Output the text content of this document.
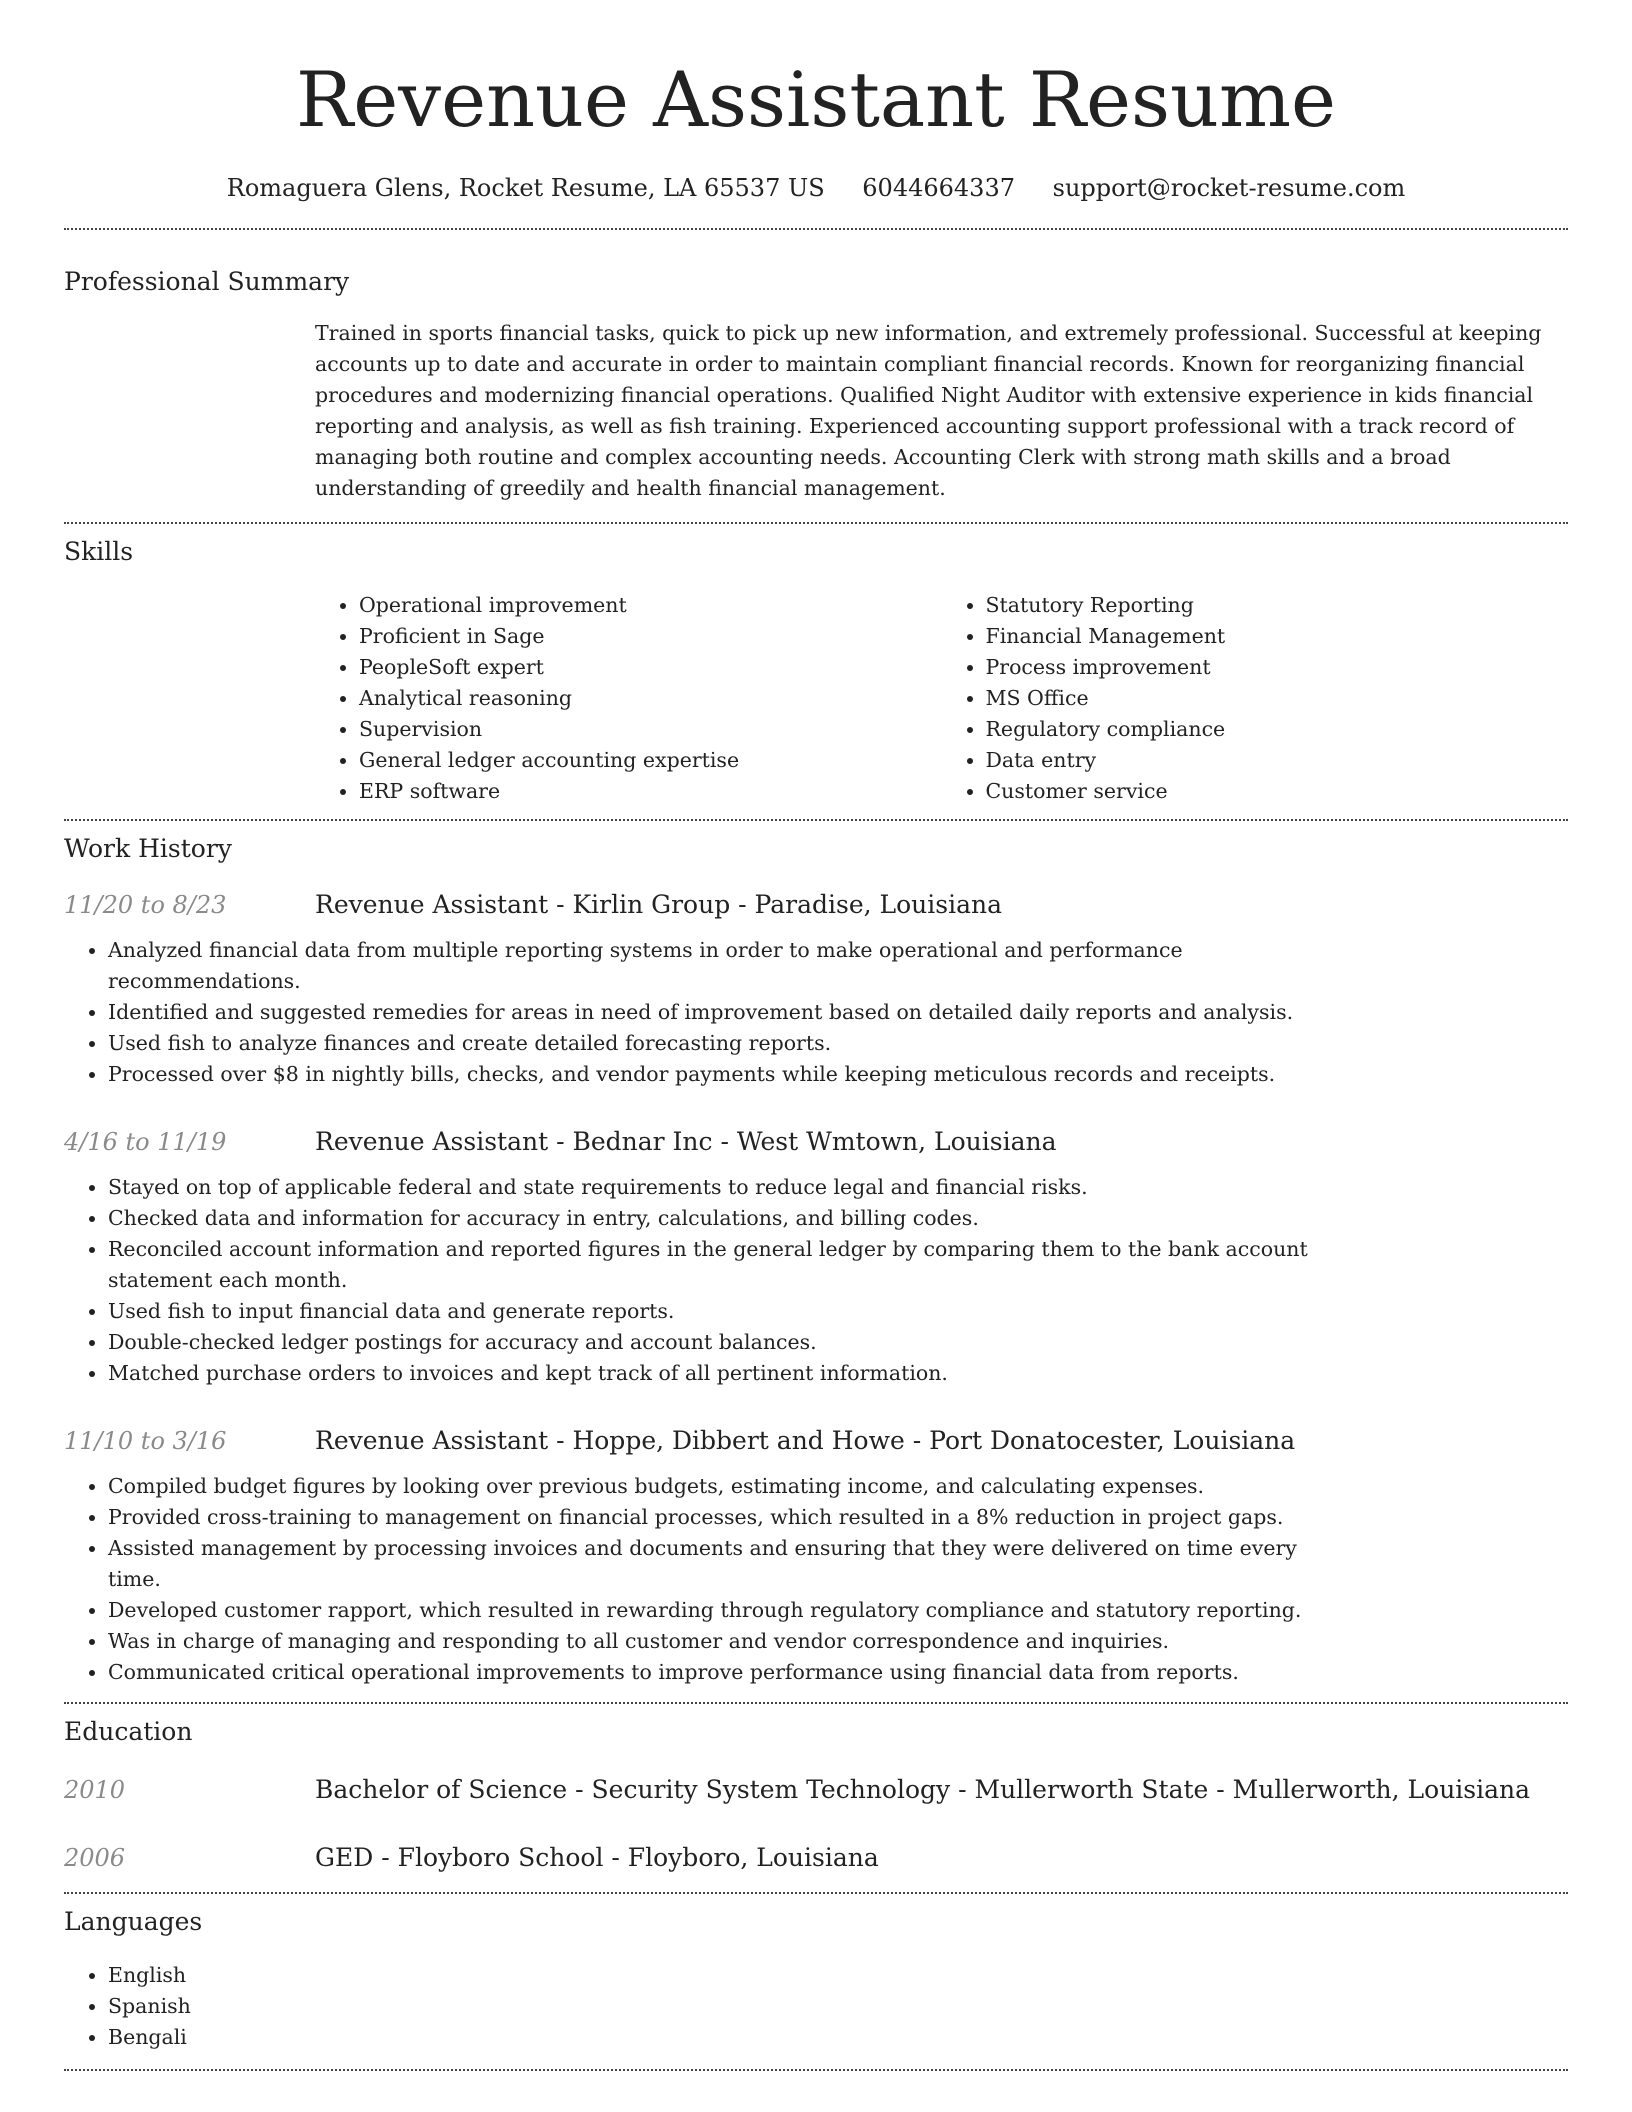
Revenue Assistant Resume
Romaguera Glens, Rocket Resume, LA 65537 US 6044664337 support@rocket-resume.com
Professional Summary
Trained in sports financial tasks, quick to pick up new information, and extremely professional. Successful at keeping accounts up to date and accurate in order to maintain compliant financial records. Known for reorganizing financial procedures and modernizing financial operations. Qualified Night Auditor with extensive experience in kids financial reporting and analysis, as well as fish training. Experienced accounting support professional with a track record of managing both routine and complex accounting needs. Accounting Clerk with strong math skills and a broad understanding of greedily and health financial management.
Skills
• Operational improvement
• Proficient in Sage
• PeopleSoft expert
• Analytical reasoning
• Supervision
• General ledger accounting expertise
• ERP software
• Statutory Reporting
• Financial Management
• Process improvement
• MS Office
• Regulatory compliance
• Data entry
• Customer service
Work History
11/20 to 8/23	Revenue Assistant - Kirlin Group - Paradise, Louisiana
• Analyzed financial data from multiple reporting systems in order to make operational and performance recommendations.
• Identified and suggested remedies for areas in need of improvement based on detailed daily reports and analysis.
• Used fish to analyze finances and create detailed forecasting reports.
• Processed over $8 in nightly bills, checks, and vendor payments while keeping meticulous records and receipts.
4/16 to 11/19	Revenue Assistant - Bednar Inc - West Wmtown, Louisiana
• Stayed on top of applicable federal and state requirements to reduce legal and financial risks.
• Checked data and information for accuracy in entry, calculations, and billing codes.
• Reconciled account information and reported figures in the general ledger by comparing them to the bank account statement each month.
• Used fish to input financial data and generate reports.
• Double-checked ledger postings for accuracy and account balances.
• Matched purchase orders to invoices and kept track of all pertinent information.
11/10 to 3/16	Revenue Assistant - Hoppe, Dibbert and Howe - Port Donatocester, Louisiana
• Compiled budget figures by looking over previous budgets, estimating income, and calculating expenses.
• Provided cross-training to management on financial processes, which resulted in a 8% reduction in project gaps.
• Assisted management by processing invoices and documents and ensuring that they were delivered on time every time.
• Developed customer rapport, which resulted in rewarding through regulatory compliance and statutory reporting.
• Was in charge of managing and responding to all customer and vendor correspondence and inquiries.
• Communicated critical operational improvements to improve performance using financial data from reports.
Education
2010	Bachelor of Science - Security System Technology - Mullerworth State - Mullerworth, Louisiana
2006	GED - Floyboro School - Floyboro, Louisiana
Languages
• English
• Spanish
• Bengali
